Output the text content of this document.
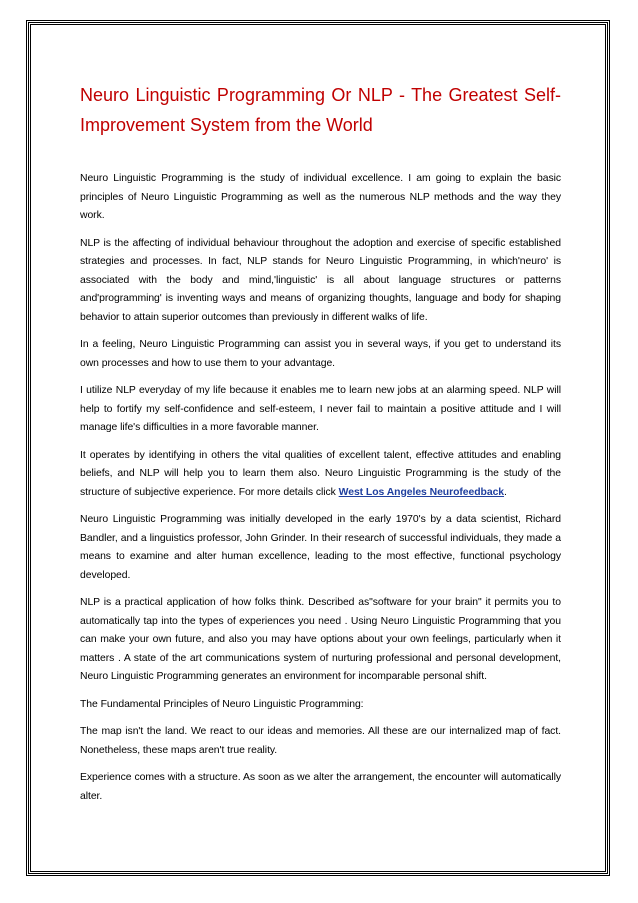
Neuro Linguistic Programming Or NLP - The Greatest Self-Improvement System from the World

Neuro Linguistic Programming is the study of individual excellence. I am going to explain the basic principles of Neuro Linguistic Programming as well as the numerous NLP methods and the way they work.

NLP is the affecting of individual behaviour throughout the adoption and exercise of specific established strategies and processes. In fact, NLP stands for Neuro Linguistic Programming, in which'neuro' is associated with the body and mind,'linguistic' is all about language structures or patterns and'programming' is inventing ways and means of organizing thoughts, language and body for shaping behavior to attain superior outcomes than previously in different walks of life.

In a feeling, Neuro Linguistic Programming can assist you in several ways, if you get to understand its own processes and how to use them to your advantage.

I utilize NLP everyday of my life because it enables me to learn new jobs at an alarming speed. NLP will help to fortify my self-confidence and self-esteem, I never fail to maintain a positive attitude and I will manage life's difficulties in a more favorable manner.

It operates by identifying in others the vital qualities of excellent talent, effective attitudes and enabling beliefs, and NLP will help you to learn them also. Neuro Linguistic Programming is the study of the structure of subjective experience. For more details click West Los Angeles Neurofeedback.

Neuro Linguistic Programming was initially developed in the early 1970's by a data scientist, Richard Bandler, and a linguistics professor, John Grinder. In their research of successful individuals, they made a means to examine and alter human excellence, leading to the most effective, functional psychology developed.

NLP is a practical application of how folks think. Described as"software for your brain" it permits you to automatically tap into the types of experiences you need . Using Neuro Linguistic Programming that you can make your own future, and also you may have options about your own feelings, particularly when it matters . A state of the art communications system of nurturing professional and personal development, Neuro Linguistic Programming generates an environment for incomparable personal shift.

The Fundamental Principles of Neuro Linguistic Programming:

The map isn't the land. We react to our ideas and memories. All these are our internalized map of fact. Nonetheless, these maps aren't true reality.

Experience comes with a structure. As soon as we alter the arrangement, the encounter will automatically alter.
